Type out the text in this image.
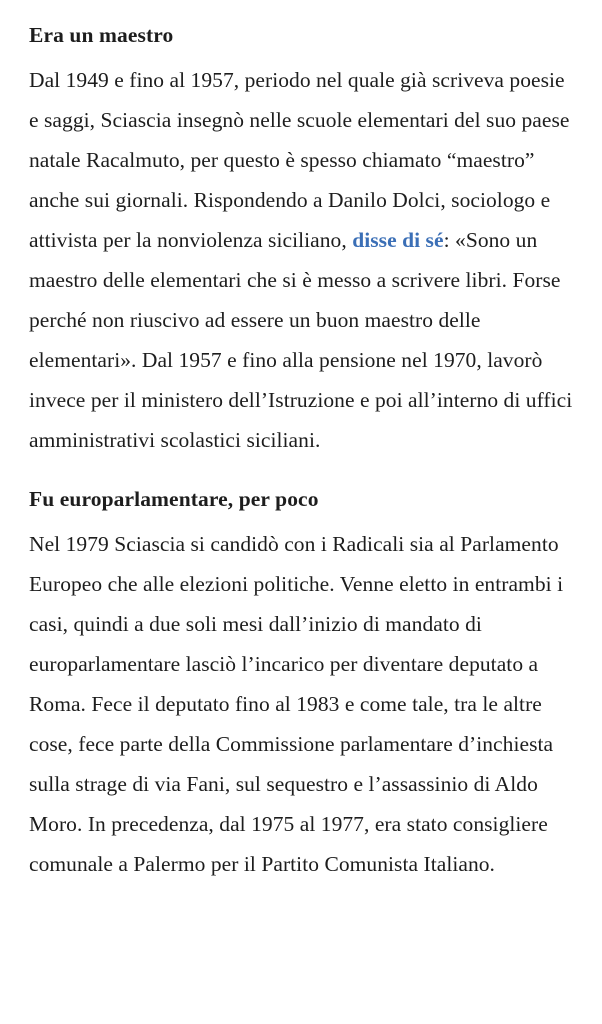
Era un maestro

Dal 1949 e fino al 1957, periodo nel quale già scriveva poesie e saggi, Sciascia insegnò nelle scuole elementari del suo paese natale Racalmuto, per questo è spesso chiamato “maestro” anche sui giornali. Rispondendo a Danilo Dolci, sociologo e attivista per la nonviolenza siciliano, disse di sé: «Sono un maestro delle elementari che si è messo a scrivere libri. Forse perché non riuscivo ad essere un buon maestro delle elementari». Dal 1957 e fino alla pensione nel 1970, lavorò invece per il ministero dell’Istruzione e poi all’interno di uffici amministrativi scolastici siciliani.

Fu europarlamentare, per poco

Nel 1979 Sciascia si candidò con i Radicali sia al Parlamento Europeo che alle elezioni politiche. Venne eletto in entrambi i casi, quindi a due soli mesi dall’inizio di mandato di europarlamentare lasciò l’incarico per diventare deputato a Roma. Fece il deputato fino al 1983 e come tale, tra le altre cose, fece parte della Commissione parlamentare d’inchiesta sulla strage di via Fani, sul sequestro e l’assassinio di Aldo Moro. In precedenza, dal 1975 al 1977, era stato consigliere comunale a Palermo per il Partito Comunista Italiano.
